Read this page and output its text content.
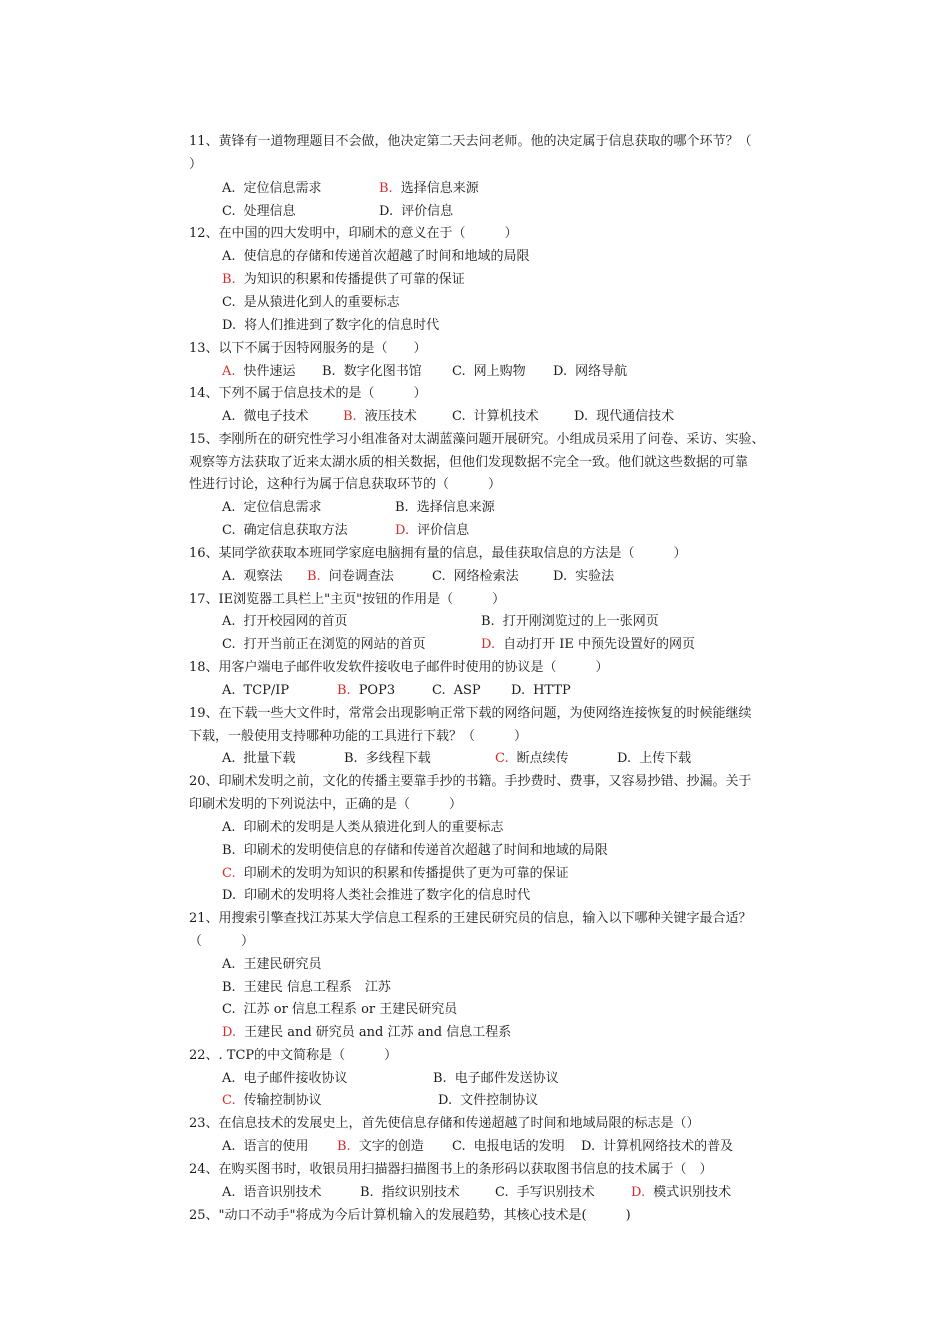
11、黄锋有一道物理题目不会做，他决定第二天去问老师。他的决定属于信息获取的哪个环节？（
）
A. 定位信息需求	B. 选择信息来源
C. 处理信息	D. 评价信息
12、在中国的四大发明中，印刷术的意义在于（　　　）
A. 使信息的存储和传递首次超越了时间和地域的局限
B. 为知识的积累和传播提供了可靠的保证
C. 是从猿进化到人的重要标志
D. 将人们推进到了数字化的信息时代
13、以下不属于因特网服务的是（　　）
A. 快件速运 B. 数字化图书馆 C. 网上购物 D. 网络导航
14、下列不属于信息技术的是（　　　）
A. 微电子技术	B. 液压技术	C. 计算机技术	D. 现代通信技术
15、李刚所在的研究性学习小组准备对太湖蓝藻问题开展研究。小组成员采用了问卷、采访、实验、
观察等方法获取了近来太湖水质的相关数据，但他们发现数据不完全一致。他们就这些数据的可靠
性进行讨论，这种行为属于信息获取环节的（　　　）
A. 定位信息需求	B. 选择信息来源
C. 确定信息获取方法	D. 评价信息
16、某同学欲获取本班同学家庭电脑拥有量的信息，最佳获取信息的方法是（　　　）
A. 观察法 B. 问卷调查法	C. 网络检索法	D. 实验法
17、IE浏览器工具栏上"主页"按钮的作用是（　　　）
A. 打开校园网的首页	B. 打开刚浏览过的上一张网页
C. 打开当前正在浏览的网站的首页	D. 自动打开 IE 中预先设置好的网页
18、用客户端电子邮件收发软件接收电子邮件时使用的协议是（　　　）
A. TCP/IP	B. POP3	C. ASP D. HTTP
19、在下载一些大文件时，常常会出现影响正常下载的网络问题，为使网络连接恢复的时候能继续
下载，一般使用支持哪种功能的工具进行下载？（　　　）
A. 批量下载	B. 多线程下载	C. 断点续传	D. 上传下载
20、印刷术发明之前，文化的传播主要靠手抄的书籍。手抄费时、费事，又容易抄错、抄漏。关于
印刷术发明的下列说法中，正确的是（　　　）
A. 印刷术的发明是人类从猿进化到人的重要标志
B. 印刷术的发明使信息的存储和传递首次超越了时间和地域的局限
C. 印刷术的发明为知识的积累和传播提供了更为可靠的保证
D. 印刷术的发明将人类社会推进了数字化的信息时代
21、用搜索引擎查找江苏某大学信息工程系的王建民研究员的信息，输入以下哪种关键字最合适？
（　　　）
A. 王建民研究员
B. 王建民 信息工程系　江苏
C. 江苏 or 信息工程系 or 王建民研究员
D. 王建民 and 研究员 and 江苏 and 信息工程系
22、. TCP的中文简称是（　　　）
A. 电子邮件接收协议	B. 电子邮件发送协议
C. 传输控制协议	D. 文件控制协议
23、在信息技术的发展史上，首先使信息存储和传递超越了时间和地域局限的标志是（）
A. 语言的使用 B. 文字的创造 C. 电报电话的发明 D. 计算机网络技术的普及
24、在购买图书时，收银员用扫描器扫描图书上的条形码以获取图书信息的技术属于（　）
A. 语音识别技术	B. 指纹识别技术	C. 手写识别技术	D. 模式识别技术
25、"动口不动手"将成为今后计算机输入的发展趋势，其核心技术是(　　　)
